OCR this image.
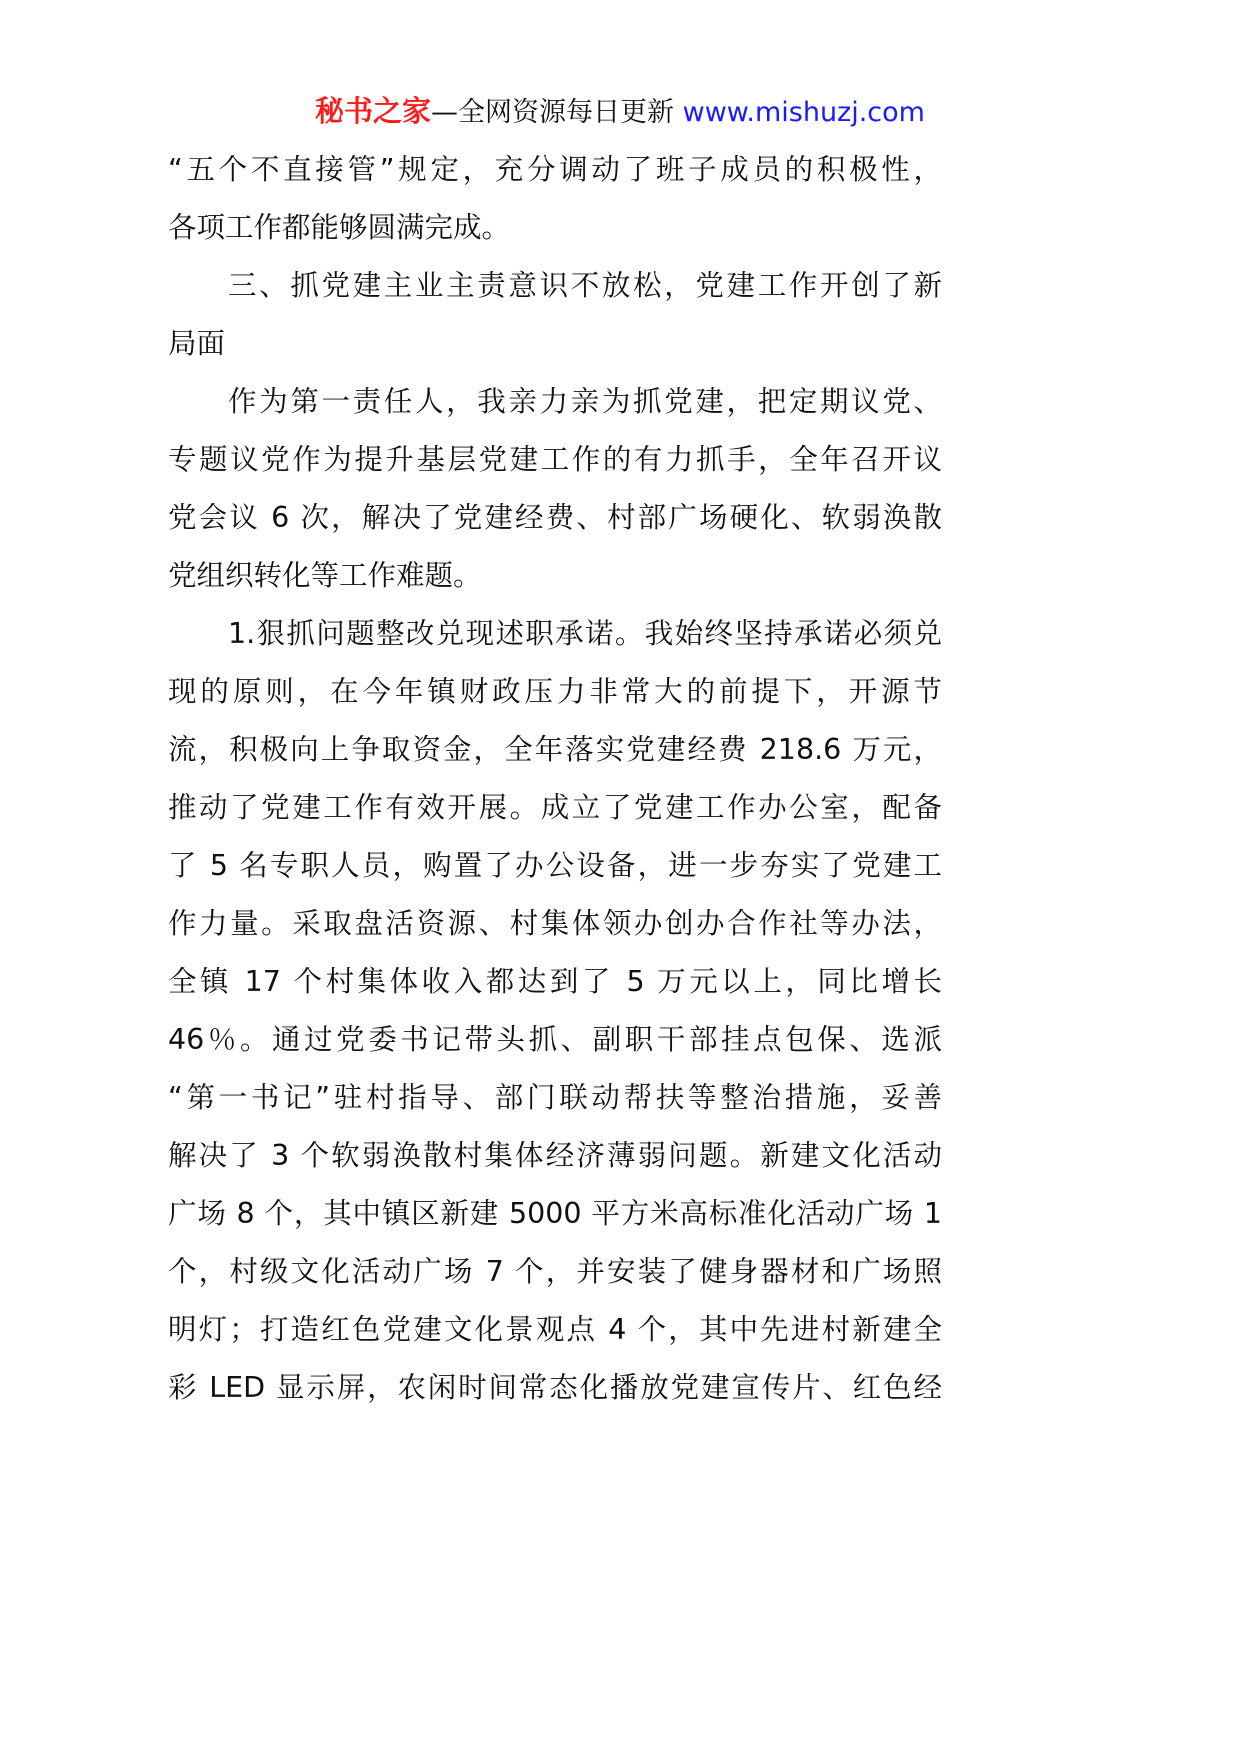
秘书之家—全网资源每日更新 www.mishuzj.com
“五个不直接管”规定，充分调动了班子成员的积极性，
各项工作都能够圆满完成。
三、抓党建主业主责意识不放松，党建工作开创了新
局面
作为第一责任人，我亲力亲为抓党建，把定期议党、
专题议党作为提升基层党建工作的有力抓手，全年召开议
党会议 6 次，解决了党建经费、村部广场硬化、软弱涣散
党组织转化等工作难题。
1.狠抓问题整改兑现述职承诺。我始终坚持承诺必须兑
现的原则，在今年镇财政压力非常大的前提下，开源节
流，积极向上争取资金，全年落实党建经费 218.6 万元，
推动了党建工作有效开展。成立了党建工作办公室，配备
了 5 名专职人员，购置了办公设备，进一步夯实了党建工
作力量。采取盘活资源、村集体领办创办合作社等办法，
全镇 17 个村集体收入都达到了 5 万元以上，同比增长
46％。通过党委书记带头抓、副职干部挂点包保、选派
“第一书记”驻村指导、部门联动帮扶等整治措施，妥善
解决了 3 个软弱涣散村集体经济薄弱问题。新建文化活动
广场 8 个，其中镇区新建 5000 平方米高标准化活动广场 1
个，村级文化活动广场 7 个，并安装了健身器材和广场照
明灯；打造红色党建文化景观点 4 个，其中先进村新建全
彩 LED 显示屏，农闲时间常态化播放党建宣传片、红色经
